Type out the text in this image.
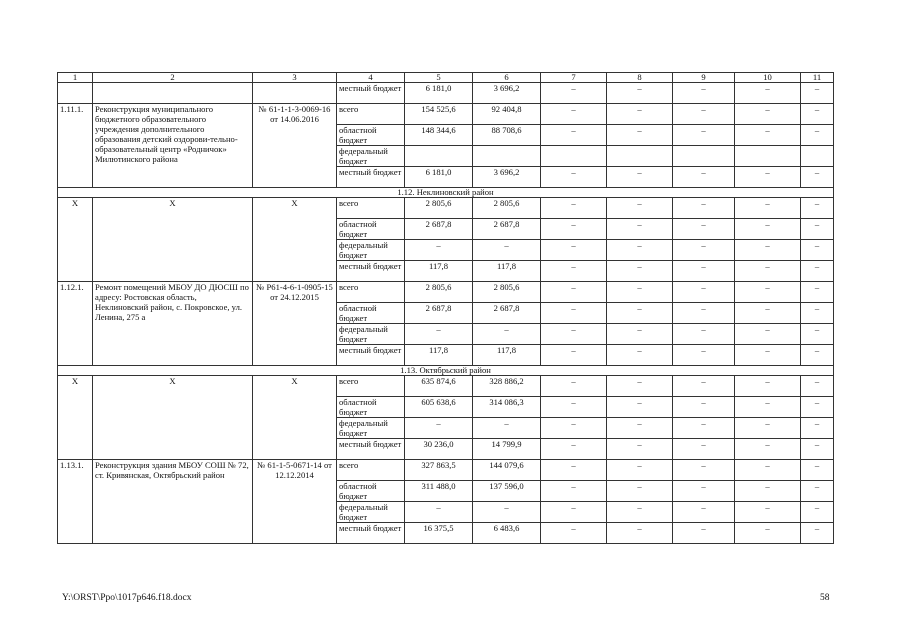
1	2	3	4	5	6	7	8	9	10	11
			местный бюджет	6 181,0	3 696,2	–	–	–	–	–
1.11.1.	Реконструкция муниципального бюджетного образовательного учреждения дополнительного образования детский оздорови-тельно-образовательный центр «Родничок» Милютинского района	№ 61-1-1-3-0069-16 от 14.06.2016	всего	154 525,6	92 404,8	–	–	–	–	–
			областной бюджет	148 344,6	88 708,6	–	–	–	–	–
			федеральный бюджет							
			местный бюджет	6 181,0	3 696,2	–	–	–	–	–
1.12. Неклиновский район										
Х	Х	Х	всего	2 805,6	2 805,6	–	–	–	–	–
			областной бюджет	2 687,8	2 687,8	–	–	–	–	–
			федеральный бюджет	–	–	–	–	–	–	–
			местный бюджет	117,8	117,8	–	–	–	–	–
1.12.1.	Ремонт помещений МБОУ ДО ДЮСШ по адресу: Ростовская область, Неклиновский район, с. Покровское, ул. Ленина, 275 а	№ Р61-4-6-1-0905-15 от 24.12.2015	всего	2 805,6	2 805,6	–	–	–	–	–
			областной бюджет	2 687,8	2 687,8	–	–	–	–	–
			федеральный бюджет	–	–	–	–	–	–	–
			местный бюджет	117,8	117,8	–	–	–	–	–
1.13. Октябрьский район										
Х	Х	Х	всего	635 874,6	328 886,2	–	–	–	–	–
			областной бюджет	605 638,6	314 086,3	–	–	–	–	–
			федеральный бюджет	–	–	–	–	–	–	–
			местный бюджет	30 236,0	14 799,9	–	–	–	–	–
1.13.1.	Реконструкция здания МБОУ СОШ № 72, ст. Кривянская, Октябрьский район	№ 61-1-5-0671-14 от 12.12.2014	всего	327 863,5	144 079,6	–	–	–	–	–
			областной бюджет	311 488,0	137 596,0	–	–	–	–	–
			федеральный бюджет	–	–	–	–	–	–	–
			местный бюджет	16 375,5	6 483,6	–	–	–	–	–
Y:\ORST\Ppo\1017p646.f18.docx	58
